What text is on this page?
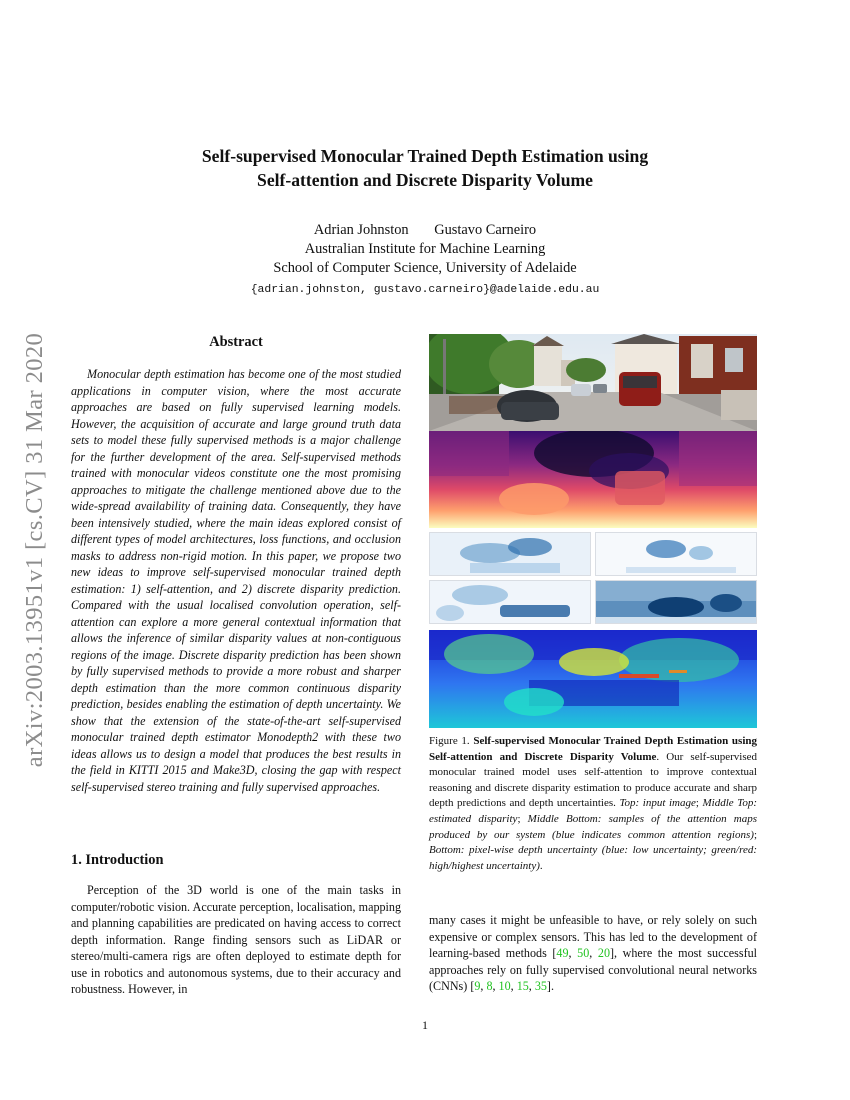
arXiv:2003.13951v1 [cs.CV] 31 Mar 2020
Self-supervised Monocular Trained Depth Estimation using
Self-attention and Discrete Disparity Volume
Adrian Johnston Gustavo Carneiro
Australian Institute for Machine Learning
School of Computer Science, University of Adelaide
{adrian.johnston, gustavo.carneiro}@adelaide.edu.au
Abstract

Monocular depth estimation has become one of the most studied applications in computer vision, where the most accurate approaches are based on fully supervised learning models. However, the acquisition of accurate and large ground truth data sets to model these fully supervised methods is a major challenge for the further development of the area. Self-supervised methods trained with monocular videos constitute one the most promising approaches to mitigate the challenge mentioned above due to the wide-spread availability of training data. Consequently, they have been intensively studied, where the main ideas explored consist of different types of model architectures, loss functions, and occlusion masks to address non-rigid motion. In this paper, we propose two new ideas to improve self-supervised monocular trained depth estimation: 1) self-attention, and 2) discrete disparity prediction. Compared with the usual localised convolution operation, self-attention can explore a more general contextual information that allows the inference of similar disparity values at non-contiguous regions of the image. Discrete disparity prediction has been shown by fully supervised methods to provide a more robust and sharper depth estimation than the more common continuous disparity prediction, besides enabling the estimation of depth uncertainty. We show that the extension of the state-of-the-art self-supervised monocular trained depth estimator Monodepth2 with these two ideas allows us to design a model that produces the best results in the field in KITTI 2015 and Make3D, closing the gap with respect self-supervised stereo training and fully supervised approaches.

1. Introduction

Perception of the 3D world is one of the main tasks in computer/robotic vision. Accurate perception, localisation, mapping and planning capabilities are predicated on having access to correct depth information. Range finding sensors such as LiDAR or stereo/multi-camera rigs are often deployed to estimate depth for use in robotics and autonomous systems, due to their accuracy and robustness. However, in

Figure 1. Self-supervised Monocular Trained Depth Estimation using Self-attention and Discrete Disparity Volume. Our self-supervised monocular trained model uses self-attention to improve contextual reasoning and discrete disparity estimation to produce accurate and sharp depth predictions and depth uncertainties. Top: input image; Middle Top: estimated disparity; Middle Bottom: samples of the attention maps produced by our system (blue indicates common attention regions); Bottom: pixel-wise depth uncertainty (blue: low uncertainty; green/red: high/highest uncertainty).

many cases it might be unfeasible to have, or rely solely on such expensive or complex sensors. This has led to the development of learning-based methods [49, 50, 20], where the most successful approaches rely on fully supervised convolutional neural networks (CNNs) [9, 8, 10, 15, 35].

1
